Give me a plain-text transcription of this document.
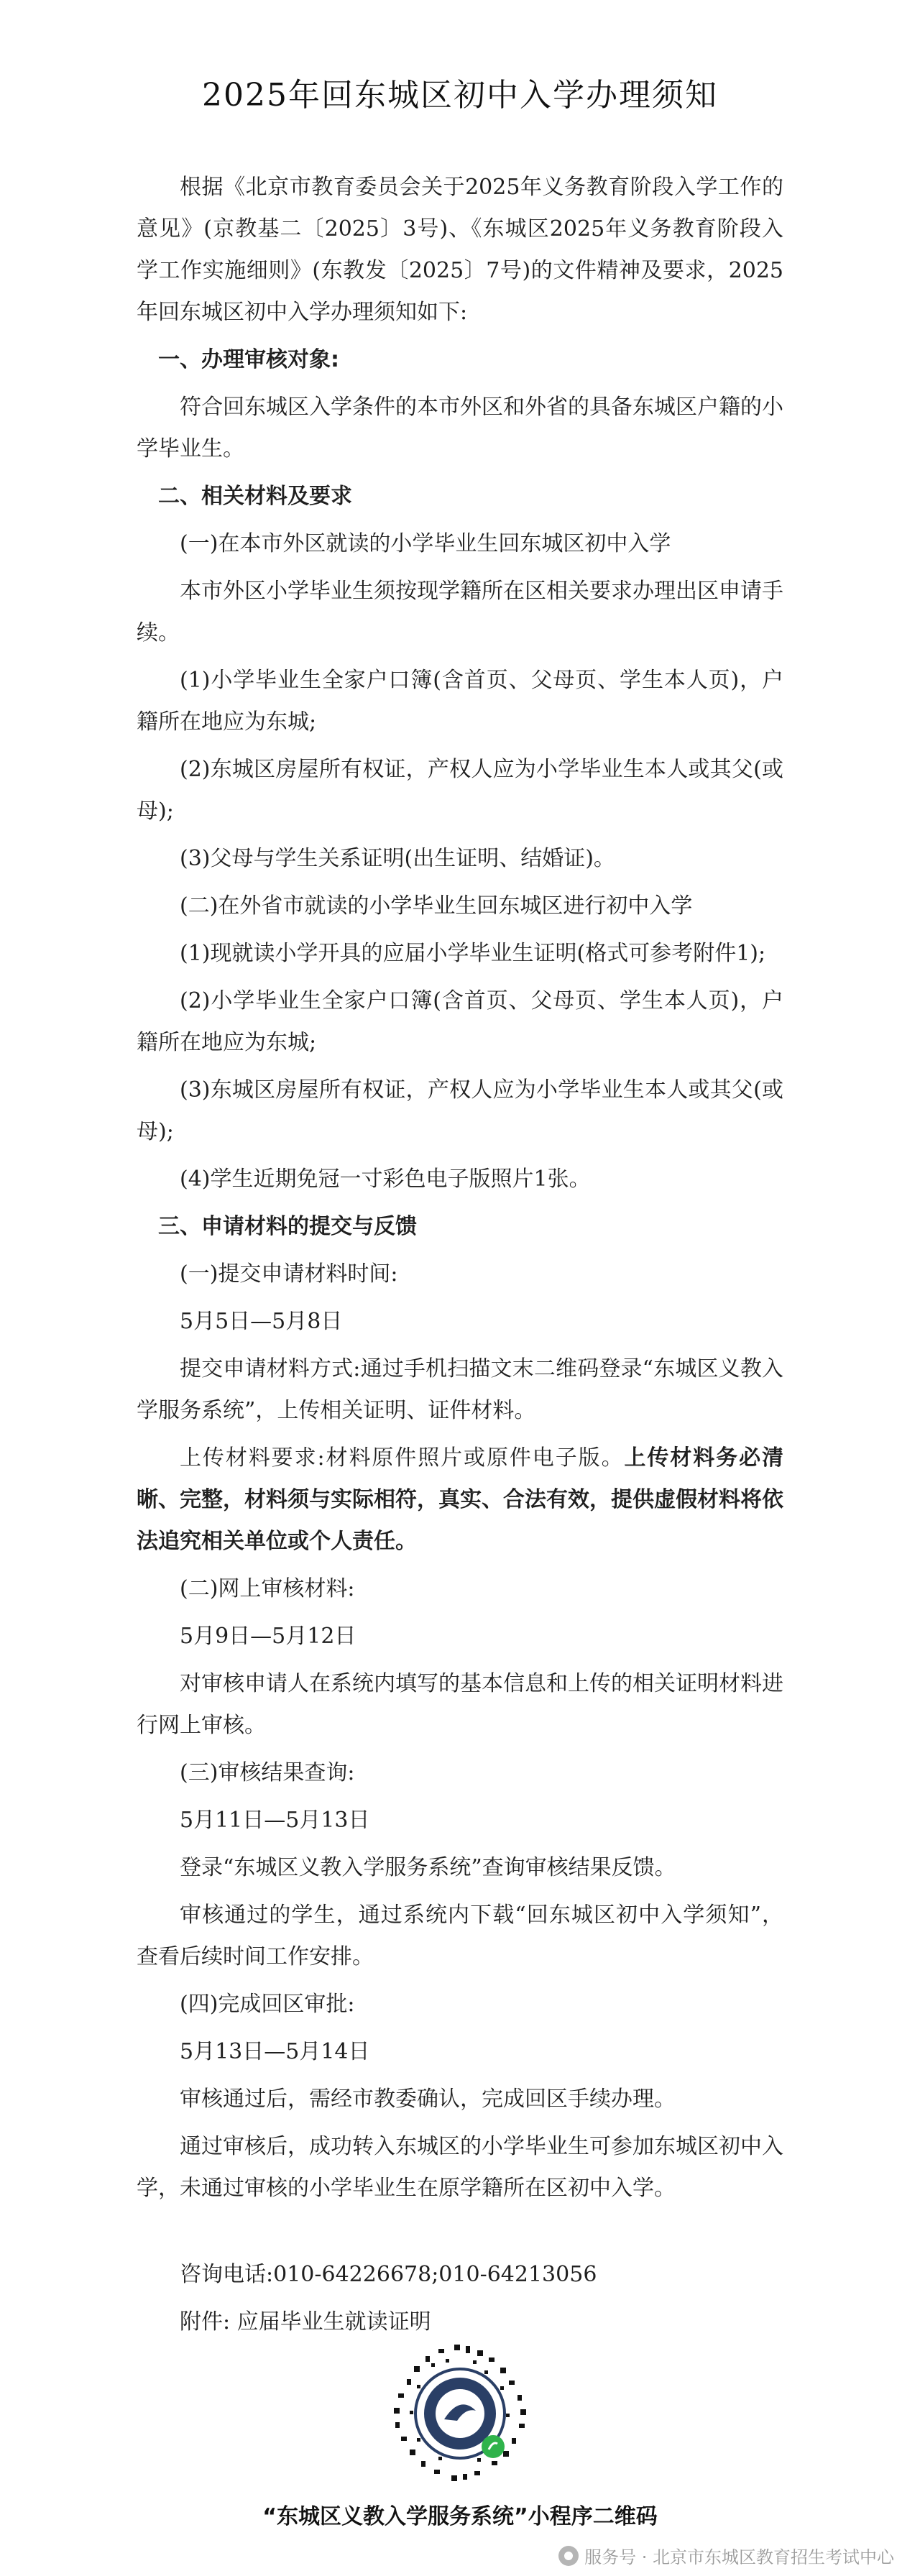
2025年回东城区初中入学办理须知

根据《北京市教育委员会关于2025年义务教育阶段入学工作的意见》(京教基二〔2025〕3号)、《东城区2025年义务教育阶段入学工作实施细则》(东教发〔2025〕7号)的文件精神及要求，2025年回东城区初中入学办理须知如下:

一、办理审核对象:

符合回东城区入学条件的本市外区和外省的具备东城区户籍的小学毕业生。

二、相关材料及要求

(一)在本市外区就读的小学毕业生回东城区初中入学

本市外区小学毕业生须按现学籍所在区相关要求办理出区申请手续。

(1)小学毕业生全家户口簿(含首页、父母页、学生本人页)，户籍所在地应为东城;

(2)东城区房屋所有权证，产权人应为小学毕业生本人或其父(或母);

(3)父母与学生关系证明(出生证明、结婚证)。

(二)在外省市就读的小学毕业生回东城区进行初中入学

(1)现就读小学开具的应届小学毕业生证明(格式可参考附件1);

(2)小学毕业生全家户口簿(含首页、父母页、学生本人页)，户籍所在地应为东城;

(3)东城区房屋所有权证，产权人应为小学毕业生本人或其父(或母);

(4)学生近期免冠一寸彩色电子版照片1张。

三、申请材料的提交与反馈

(一)提交申请材料时间:

5月5日—5月8日

提交申请材料方式:通过手机扫描文末二维码登录“东城区义教入学服务系统”，上传相关证明、证件材料。

上传材料要求:材料原件照片或原件电子版。上传材料务必清晰、完整，材料须与实际相符，真实、合法有效，提供虚假材料将依法追究相关单位或个人责任。

(二)网上审核材料:

5月9日—5月12日

对审核申请人在系统内填写的基本信息和上传的相关证明材料进行网上审核。

(三)审核结果查询:

5月11日—5月13日

登录“东城区义教入学服务系统”查询审核结果反馈。

审核通过的学生，通过系统内下载“回东城区初中入学须知”，查看后续时间工作安排。

(四)完成回区审批:

5月13日—5月14日

审核通过后，需经市教委确认，完成回区手续办理。

通过审核后，成功转入东城区的小学毕业生可参加东城区初中入学，未通过审核的小学毕业生在原学籍所在区初中入学。

咨询电话:010-64226678;010-64213056

附件: 应届毕业生就读证明

“东城区义教入学服务系统”小程序二维码
服务号 · 北京市东城区教育招生考试中心
